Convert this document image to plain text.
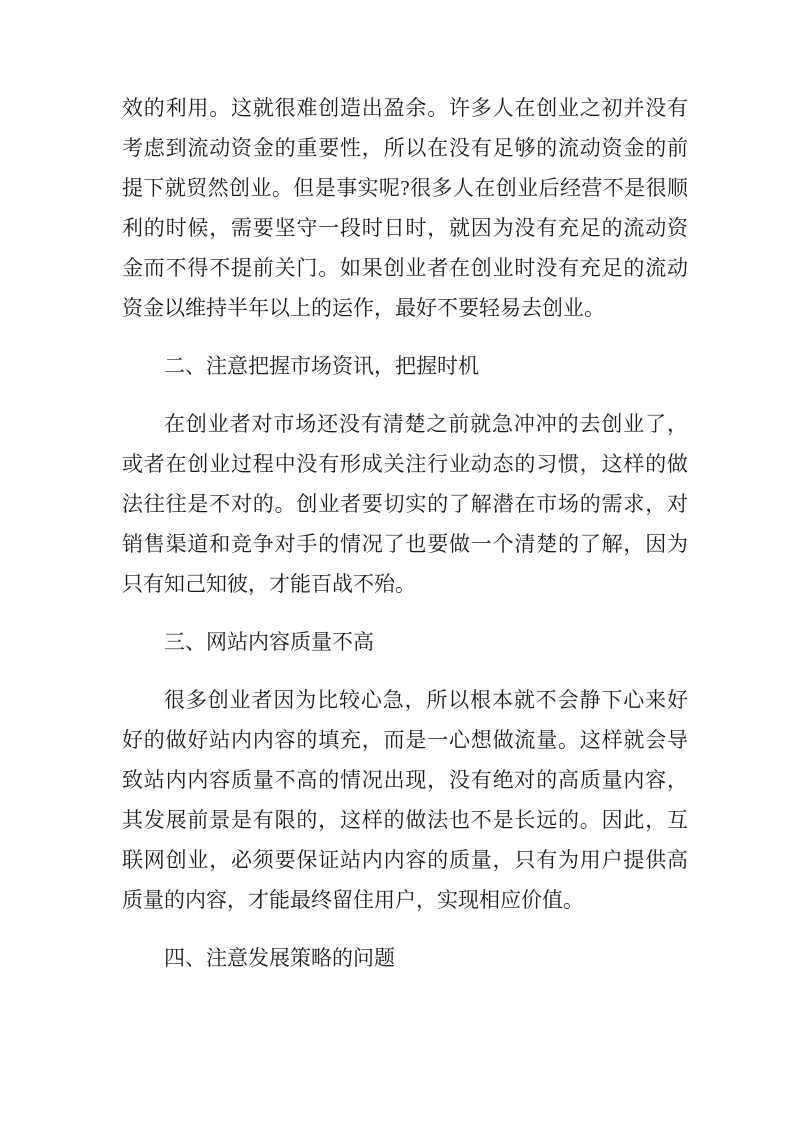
效的利用。这就很难创造出盈余。许多人在创业之初并没有考虑到流动资金的重要性，所以在没有足够的流动资金的前提下就贸然创业。但是事实呢?很多人在创业后经营不是很顺利的时候，需要坚守一段时日时，就因为没有充足的流动资金而不得不提前关门。如果创业者在创业时没有充足的流动资金以维持半年以上的运作，最好不要轻易去创业。

二、注意把握市场资讯，把握时机

在创业者对市场还没有清楚之前就急冲冲的去创业了，或者在创业过程中没有形成关注行业动态的习惯，这样的做法往往是不对的。创业者要切实的了解潜在市场的需求，对销售渠道和竞争对手的情况了也要做一个清楚的了解，因为只有知己知彼，才能百战不殆。

三、网站内容质量不高

很多创业者因为比较心急，所以根本就不会静下心来好好的做好站内内容的填充，而是一心想做流量。这样就会导致站内内容质量不高的情况出现，没有绝对的高质量内容，其发展前景是有限的，这样的做法也不是长远的。因此，互联网创业，必须要保证站内内容的质量，只有为用户提供高质量的内容，才能最终留住用户，实现相应价值。

四、注意发展策略的问题
